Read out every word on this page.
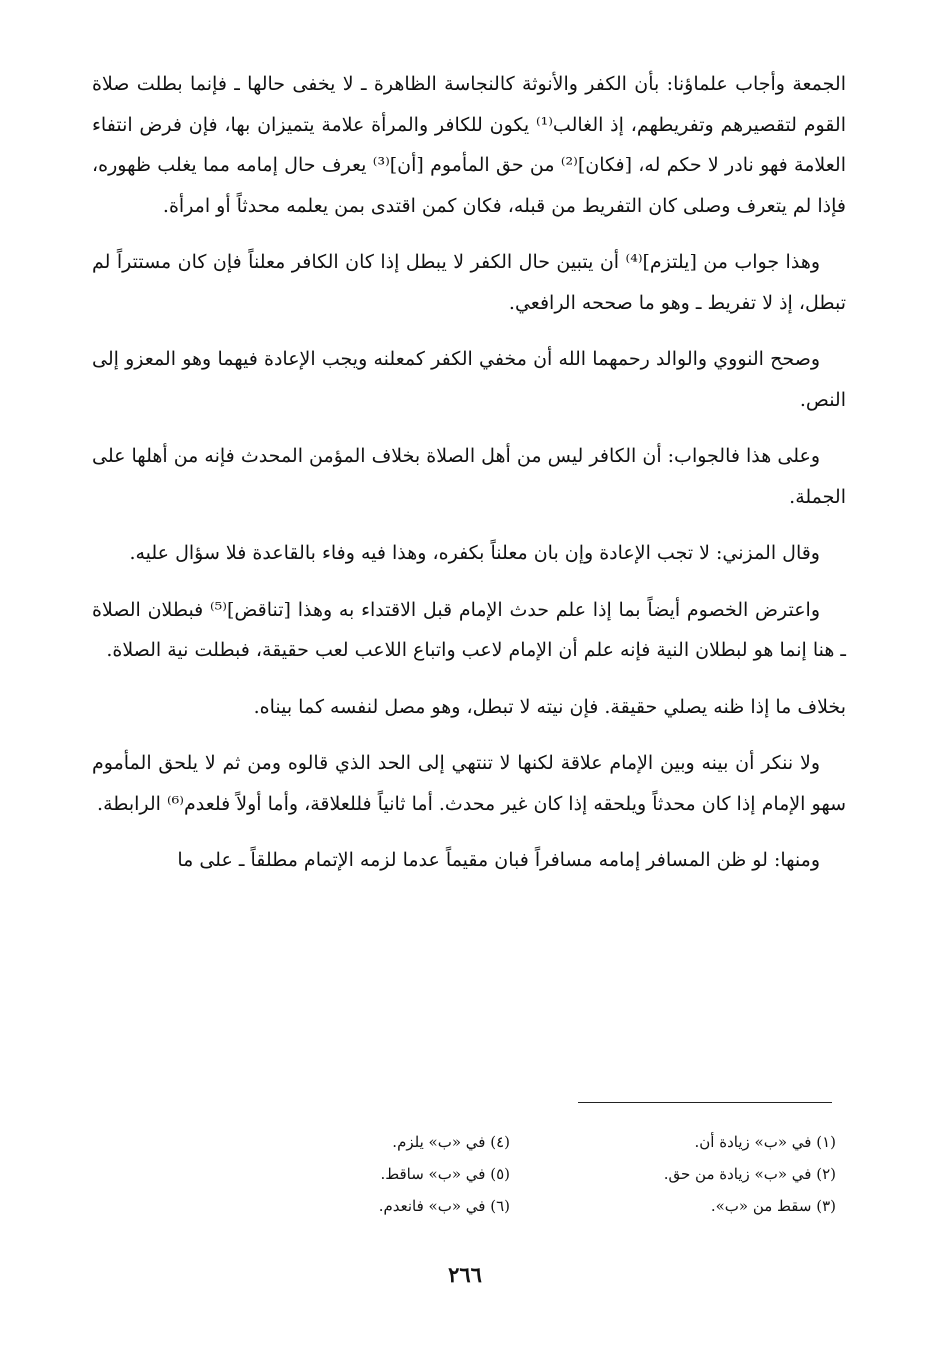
الجمعة وأجاب علماؤنا: بأن الكفر والأنوثة كالنجاسة الظاهرة ـ لا يخفى حالها ـ فإنما بطلت صلاة القوم لتقصيرهم وتفريطهم، إذ الغالب⁽¹⁾ يكون للكافر والمرأة علامة يتميزان بها، فإن فرض انتفاء العلامة فهو نادر لا حكم له، [فكان]⁽²⁾ من حق المأموم [أن]⁽³⁾ يعرف حال إمامه مما يغلب ظهوره، فإذا لم يتعرف وصلى كان التفريط من قبله، فكان كمن اقتدى بمن يعلمه محدثاً أو امرأة.

وهذا جواب من [يلتزم]⁽⁴⁾ أن يتبين حال الكفر لا يبطل إذا كان الكافر معلناً فإن كان مستتراً لم تبطل، إذ لا تفريط ـ وهو ما صححه الرافعي.

وصحح النووي والوالد رحمهما الله أن مخفي الكفر كمعلنه ويجب الإعادة فيهما وهو المعزو إلى النص.

وعلى هذا فالجواب: أن الكافر ليس من أهل الصلاة بخلاف المؤمن المحدث فإنه من أهلها على الجملة.

وقال المزني: لا تجب الإعادة وإن بان معلناً بكفره، وهذا فيه وفاء بالقاعدة فلا سؤال عليه.

واعترض الخصوم أيضاً بما إذا علم حدث الإمام قبل الاقتداء به وهذا [تناقض]⁽⁵⁾ فبطلان الصلاة ـ هنا إنما هو لبطلان النية فإنه علم أن الإمام لاعب واتباع اللاعب لعب حقيقة، فبطلت نية الصلاة.

بخلاف ما إذا ظنه يصلي حقيقة. فإن نيته لا تبطل، وهو مصل لنفسه كما بيناه.

ولا ننكر أن بينه وبين الإمام علاقة لكنها لا تنتهي إلى الحد الذي قالوه ومن ثم لا يلحق المأموم سهو الإمام إذا كان محدثاً ويلحقه إذا كان غير محدث. أما ثانياً فللعلاقة، وأما أولاً فلعدم⁽⁶⁾ الرابطة.

ومنها: لو ظن المسافر إمامه مسافراً فبان مقيماً عدما لزمه الإتمام مطلقاً ـ على ما

(١) في «ب» زيادة أن.

(٢) في «ب» زيادة من حق.

(٣) سقط من «ب».

(٤) في «ب» يلزم.

(٥) في «ب» ساقط.

(٦) في «ب» فانعدم.

٢٦٦
